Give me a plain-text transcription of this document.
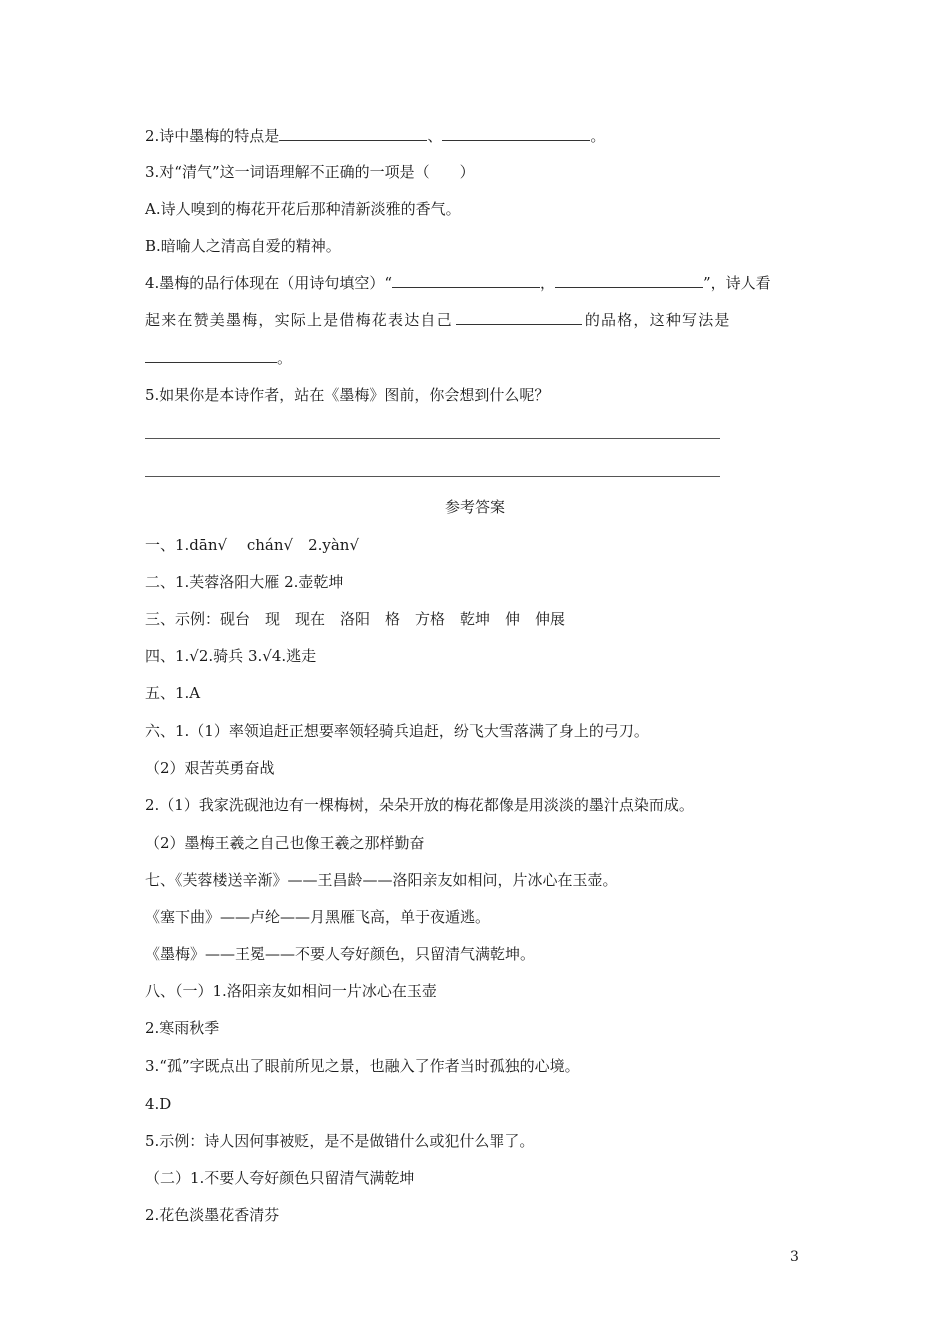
2.诗中墨梅的特点是	、	。
3.对“清气”这一词语理解不正确的一项是（　　）
A.诗人嗅到的梅花开花后那种清新淡雅的香气。
B.暗喻人之清高自爱的精神。
4.墨梅的品行体现在（用诗句填空）“	，	”，诗人看
起来在赞美墨梅，实际上是借梅花表达自己	的品格，这种写法是
。
5.如果你是本诗作者，站在《墨梅》图前，你会想到什么呢？
参考答案
一、1.dān√　 chán√　2.yàn√
二、1.芙蓉洛阳大雁 2.壶乾坤
三、示例：砚台　现　现在　洛阳　格　方格　乾坤　伸　伸展
四、1.√2.骑兵 3.√4.逃走
五、1.A
六、1.（1）率领追赶正想要率领轻骑兵追赶，纷飞大雪落满了身上的弓刀。
（2）艰苦英勇奋战
2.（1）我家洗砚池边有一棵梅树，朵朵开放的梅花都像是用淡淡的墨汁点染而成。
（2）墨梅王羲之自己也像王羲之那样勤奋
七、《芙蓉楼送辛渐》——王昌龄——洛阳亲友如相问，片冰心在玉壶。
《塞下曲》——卢纶——月黑雁飞高，单于夜遁逃。
《墨梅》——王冕——不要人夸好颜色，只留清气满乾坤。
八、（一）1.洛阳亲友如相问一片冰心在玉壶
2.寒雨秋季
3.“孤”字既点出了眼前所见之景，也融入了作者当时孤独的心境。
4.D
5.示例：诗人因何事被贬，是不是做错什么或犯什么罪了。
（二）1.不要人夸好颜色只留清气满乾坤
2.花色淡墨花香清芬
3
